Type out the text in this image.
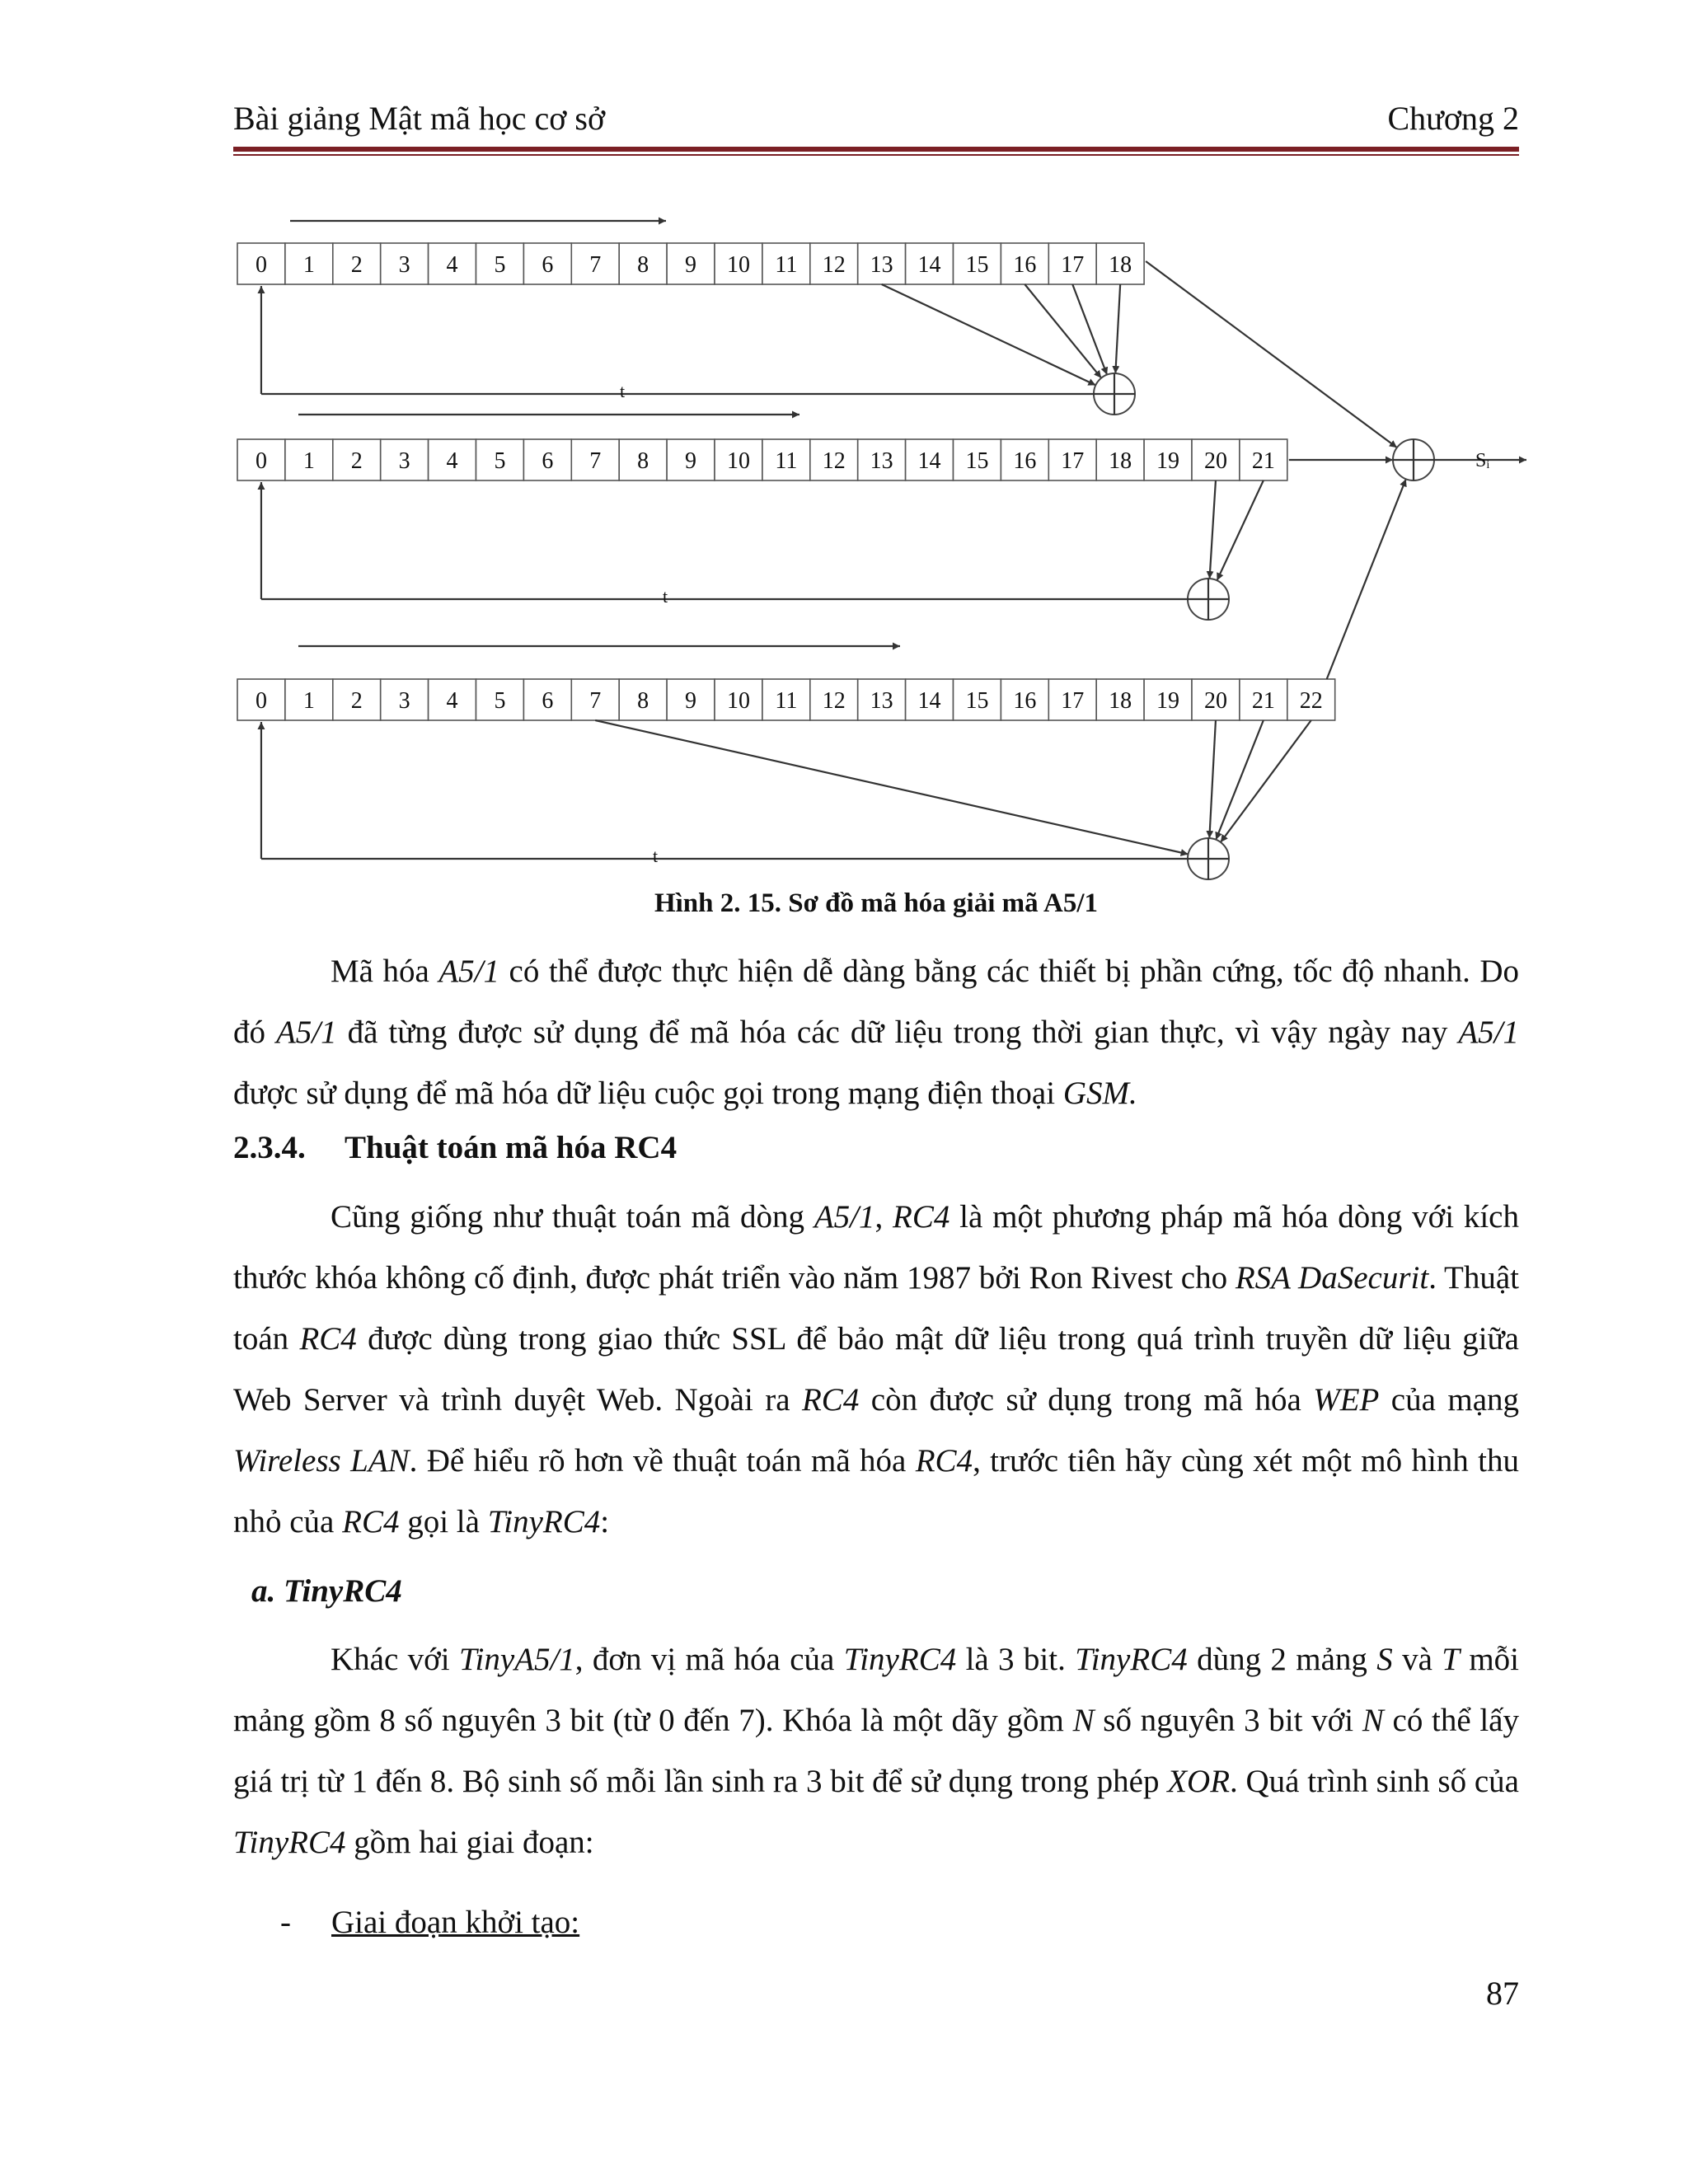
Bài giảng Mật mã học cơ sở	Chương 2
0 1 2 3 4 5 6 7 8 9 10 11 12 13 14 15 16 17 18
t
0 1 2 3 4 5 6 7 8 9 10 11 12 13 14 15 16 17 18 19 20 21
t
0 1 2 3 4 5 6 7 8 9 10 11 12 13 14 15 16 17 18 19 20 21 22
t
Sᵢ
Hình 2. 15. Sơ đồ mã hóa giải mã A5/1

Mã hóa A5/1 có thể được thực hiện dễ dàng bằng các thiết bị phần cứng, tốc độ nhanh. Do đó A5/1 đã từng được sử dụng để mã hóa các dữ liệu trong thời gian thực, vì vậy ngày nay A5/1 được sử dụng để mã hóa dữ liệu cuộc gọi trong mạng điện thoại GSM.

2.3.4. Thuật toán mã hóa RC4

Cũng giống như thuật toán mã dòng A5/1, RC4 là một phương pháp mã hóa dòng với kích thước khóa không cố định, được phát triển vào năm 1987 bởi Ron Rivest cho RSA DaSecurit. Thuật toán RC4 được dùng trong giao thức SSL để bảo mật dữ liệu trong quá trình truyền dữ liệu giữa Web Server và trình duyệt Web. Ngoài ra RC4 còn được sử dụng trong mã hóa WEP của mạng Wireless LAN. Để hiểu rõ hơn về thuật toán mã hóa RC4, trước tiên hãy cùng xét một mô hình thu nhỏ của RC4 gọi là TinyRC4:

a. TinyRC4

Khác với TinyA5/1, đơn vị mã hóa của TinyRC4 là 3 bit. TinyRC4 dùng 2 mảng S và T mỗi mảng gồm 8 số nguyên 3 bit (từ 0 đến 7). Khóa là một dãy gồm N số nguyên 3 bit với N có thể lấy giá trị từ 1 đến 8. Bộ sinh số mỗi lần sinh ra 3 bit để sử dụng trong phép XOR. Quá trình sinh số của TinyRC4 gồm hai giai đoạn:

- Giai đoạn khởi tạo:
87
